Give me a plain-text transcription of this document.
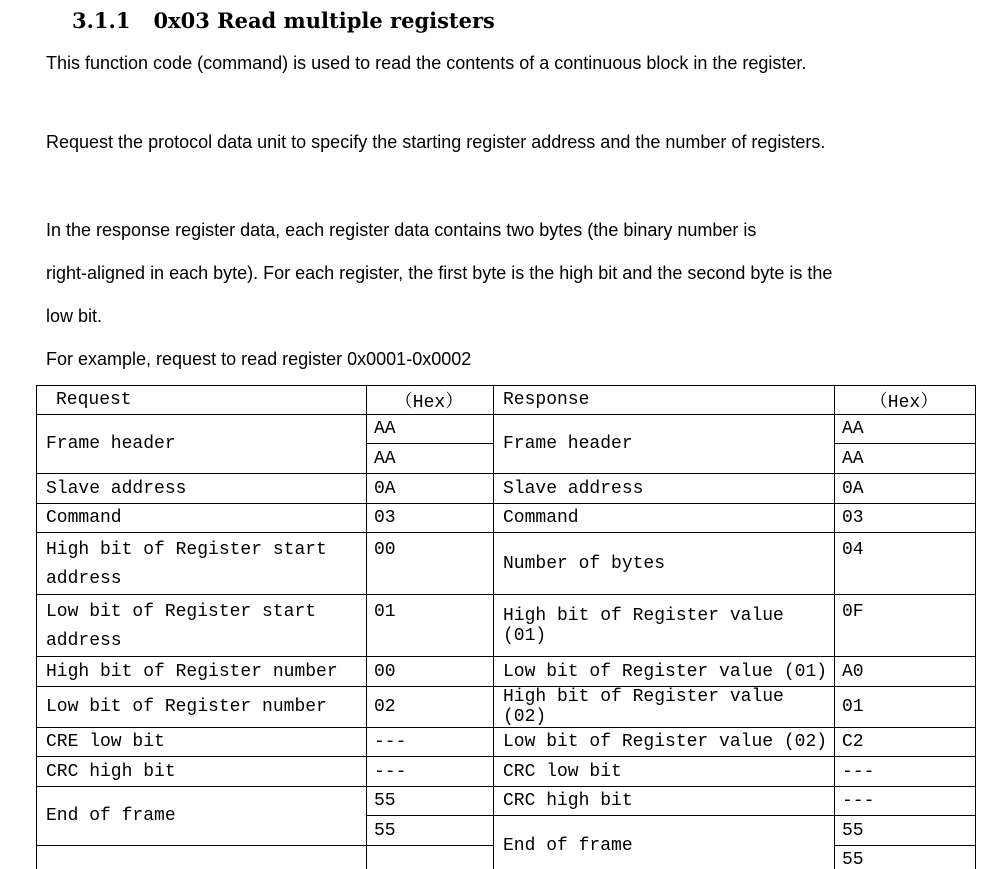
3.1.1 0x03 Read multiple registers
This function code (command) is used to read the contents of a continuous block in the register.
Request the protocol data unit to specify the starting register address and the number of registers.
In the response register data, each register data contains two bytes (the binary number is
right-aligned in each byte). For each register, the first byte is the high bit and the second byte is the
low bit.
For example, request to read register 0x0001-0x0002
Request	（Hex）	Response	（Hex）
Frame header	AA	Frame header	AA
	AA		AA
Slave address	0A	Slave address	0A
Command	03	Command	03
High bit of Register start address	00	Number of bytes	04
Low bit of Register start address	01	High bit of Register value (01)	0F
High bit of Register number	00	Low bit of Register value (01)	A0
Low bit of Register number	02	High bit of Register value (02)	01
CRE low bit	---	Low bit of Register value (02)	C2
CRC high bit	---	CRC low bit	---
End of frame	55	CRC high bit	---
	55	End of frame	55
			55
